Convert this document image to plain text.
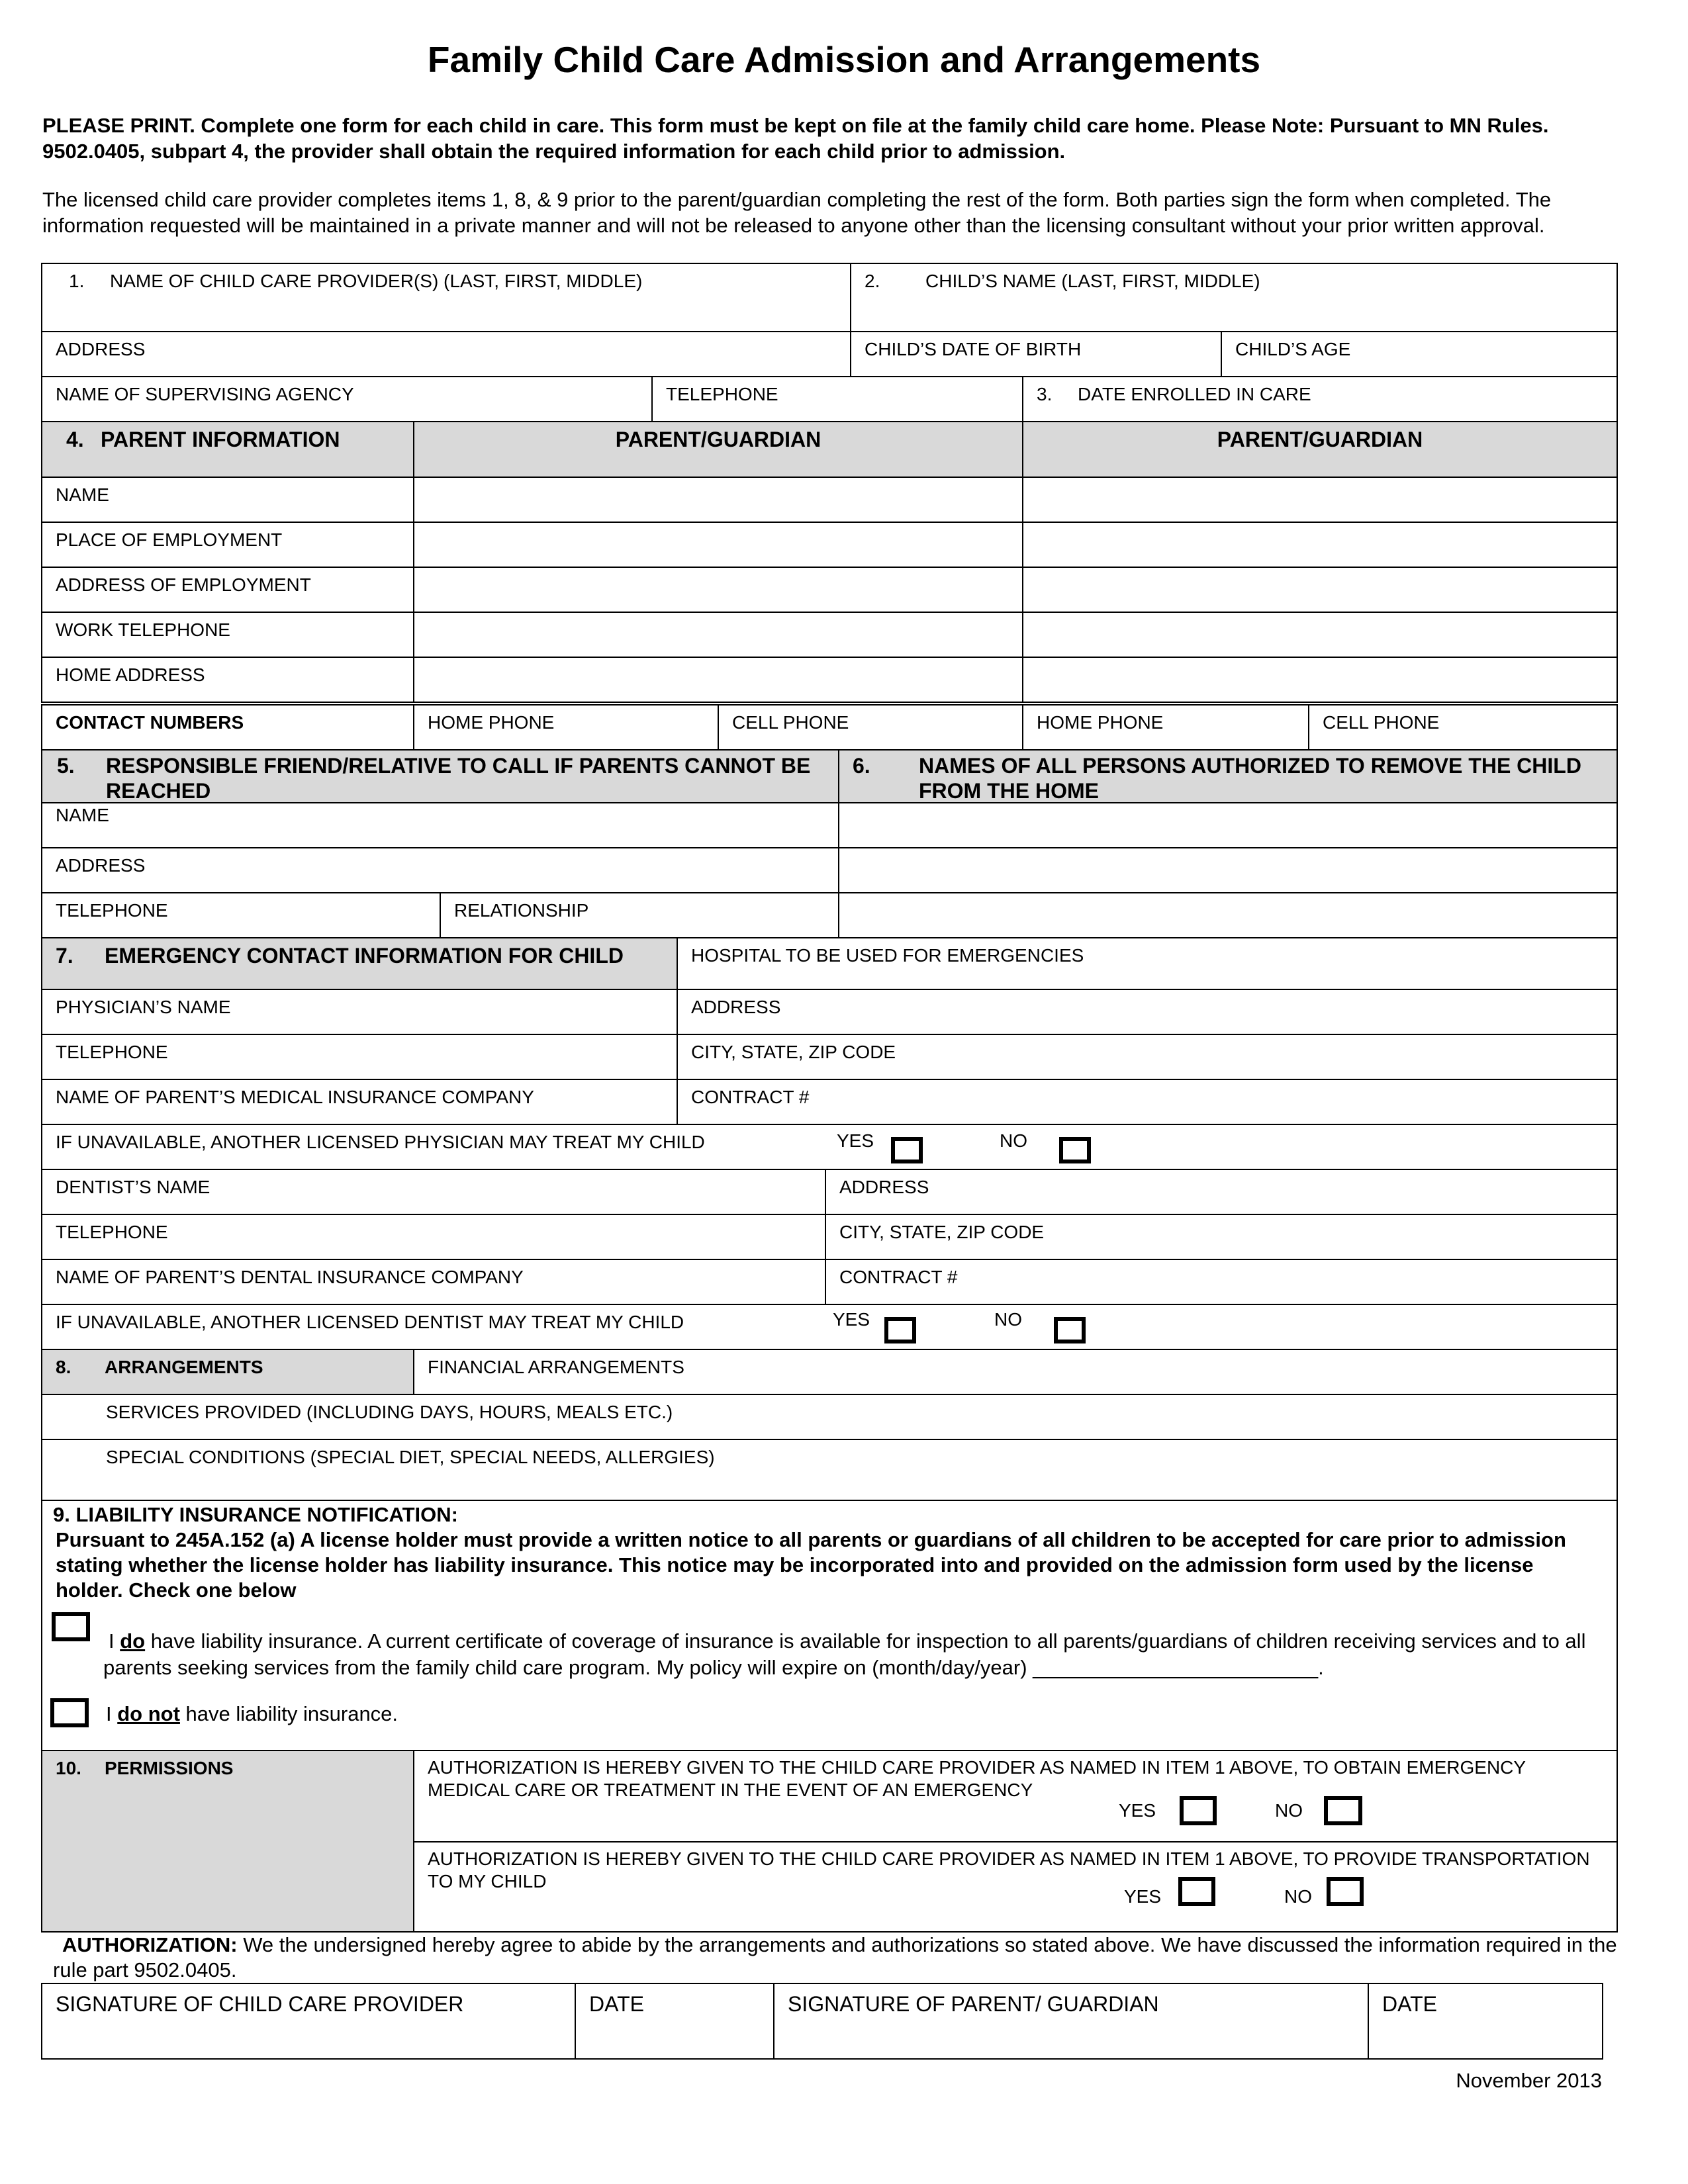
Family Child Care Admission and Arrangements
PLEASE PRINT. Complete one form for each child in care. This form must be kept on file at the family child care home. Please Note: Pursuant to MN Rules. 9502.0405, subpart 4, the provider shall obtain the required information for each child prior to admission.
The licensed child care provider completes items 1, 8, & 9 prior to the parent/guardian completing the rest of the form. Both parties sign the form when completed. The information requested will be maintained in a private manner and will not be released to anyone other than the licensing consultant without your prior written approval.
1. NAME OF CHILD CARE PROVIDER(S) (LAST, FIRST, MIDDLE)	2. CHILD’S NAME (LAST, FIRST, MIDDLE)
ADDRESS	CHILD’S DATE OF BIRTH	CHILD’S AGE
NAME OF SUPERVISING AGENCY	TELEPHONE	3. DATE ENROLLED IN CARE
4. PARENT INFORMATION	PARENT/GUARDIAN	PARENT/GUARDIAN
NAME
PLACE OF EMPLOYMENT
ADDRESS OF EMPLOYMENT
WORK TELEPHONE
HOME ADDRESS
CONTACT NUMBERS	HOME PHONE	CELL PHONE	HOME PHONE	CELL PHONE
5.	RESPONSIBLE FRIEND/RELATIVE TO CALL IF PARENTS CANNOT BE REACHED
6.	NAMES OF ALL PERSONS AUTHORIZED TO REMOVE THE CHILD FROM THE HOME
NAME
ADDRESS
TELEPHONE	RELATIONSHIP
7. EMERGENCY CONTACT INFORMATION FOR CHILD	HOSPITAL TO BE USED FOR EMERGENCIES
PHYSICIAN’S NAME	ADDRESS
TELEPHONE	CITY, STATE, ZIP CODE
NAME OF PARENT’S MEDICAL INSURANCE COMPANY	CONTRACT #
IF UNAVAILABLE, ANOTHER LICENSED PHYSICIAN MAY TREAT MY CHILD	YES	NO
DENTIST’S NAME	ADDRESS
TELEPHONE	CITY, STATE, ZIP CODE
NAME OF PARENT’S DENTAL INSURANCE COMPANY	CONTRACT #
IF UNAVAILABLE, ANOTHER LICENSED DENTIST MAY TREAT MY CHILD	YES	NO
8. ARRANGEMENTS	FINANCIAL ARRANGEMENTS
SERVICES PROVIDED (INCLUDING DAYS, HOURS, MEALS ETC.)
SPECIAL CONDITIONS (SPECIAL DIET, SPECIAL NEEDS, ALLERGIES)
9. LIABILITY INSURANCE NOTIFICATION:
Pursuant to 245A.152 (a) A license holder must provide a written notice to all parents or guardians of all children to be accepted for care prior to admission stating whether the license holder has liability insurance. This notice may be incorporated into and provided on the admission form used by the license holder. Check one below
I do have liability insurance. A current certificate of coverage of insurance is available for inspection to all parents/guardians of children receiving services and to all parents seeking services from the family child care program. My policy will expire on (month/day/year) _________________________.
I do not have liability insurance.
10. PERMISSIONS	AUTHORIZATION IS HEREBY GIVEN TO THE CHILD CARE PROVIDER AS NAMED IN ITEM 1 ABOVE, TO OBTAIN EMERGENCY MEDICAL CARE OR TREATMENT IN THE EVENT OF AN EMERGENCY
YES	NO
AUTHORIZATION IS HEREBY GIVEN TO THE CHILD CARE PROVIDER AS NAMED IN ITEM 1 ABOVE, TO PROVIDE TRANSPORTATION TO MY CHILD
YES	NO
AUTHORIZATION: We the undersigned hereby agree to abide by the arrangements and authorizations so stated above. We have discussed the information required in the rule part 9502.0405.
SIGNATURE OF CHILD CARE PROVIDER	DATE	SIGNATURE OF PARENT/ GUARDIAN	DATE
November 2013
